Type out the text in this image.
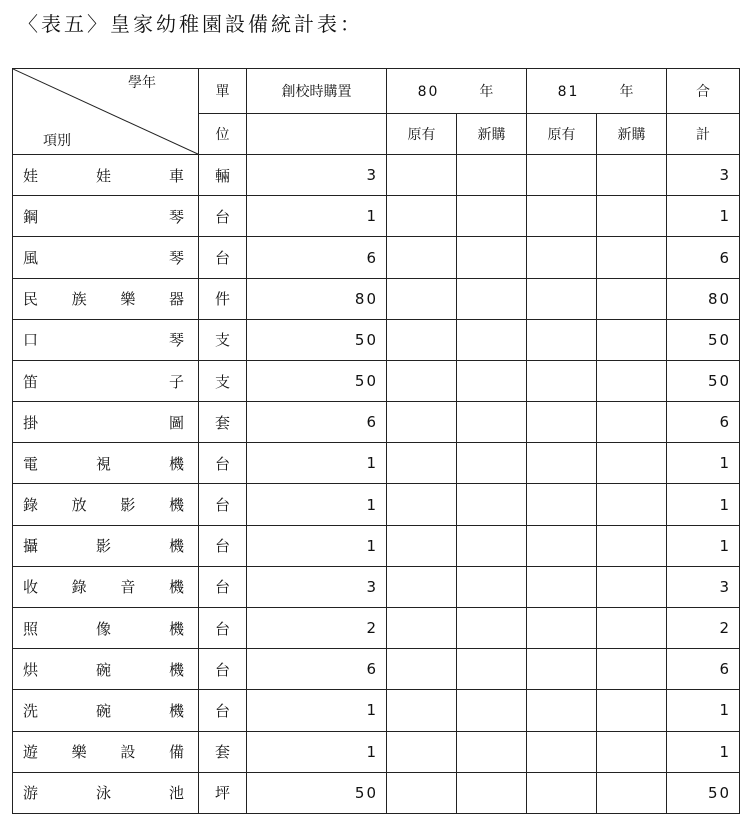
〈表五〉皇家幼稚園設備統計表：
學年
項別	單	創校時購置	80 年		81 年		合
	位		原有	新購	原有	新購	計
娃娃車	輛	3					3
鋼琴	台	1					1
風琴	台	6					6
民族樂器	件	80					80
口琴	支	50					50
笛子	支	50					50
掛圖	套	6					6
電視機	台	1					1
錄放影機	台	1					1
攝影機	台	1					1
收錄音機	台	3					3
照像機	台	2					2
烘碗機	台	6					6
洗碗機	台	1					1
遊樂設備	套	1					1
游泳池	坪	50					50
